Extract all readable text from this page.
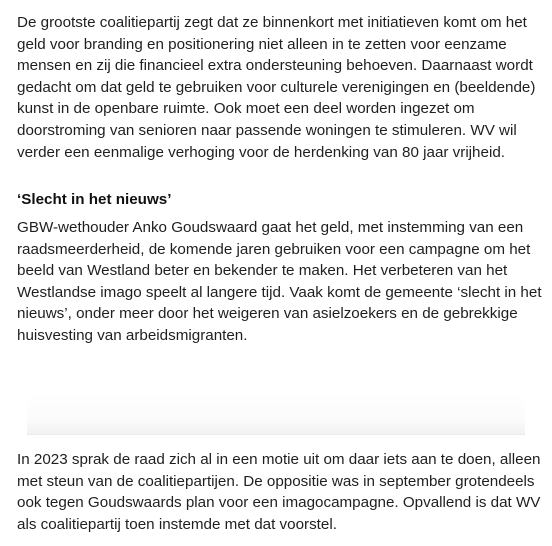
De grootste coalitiepartij zegt dat ze binnenkort met initiatieven komt om het geld voor branding en positionering niet alleen in te zetten voor eenzame mensen en zij die financieel extra ondersteuning behoeven. Daarnaast wordt gedacht om dat geld te gebruiken voor culturele verenigingen en (beeldende) kunst in de openbare ruimte. Ook moet een deel worden ingezet om doorstroming van senioren naar passende woningen te stimuleren. WV wil verder een eenmalige verhoging voor de herdenking van 80 jaar vrijheid.

‘Slecht in het nieuws’

GBW-wethouder Anko Goudswaard gaat het geld, met instemming van een raadsmeerderheid, de komende jaren gebruiken voor een campagne om het beeld van Westland beter en bekender te maken. Het verbeteren van het Westlandse imago speelt al langere tijd. Vaak komt de gemeente ‘slecht in het nieuws’, onder meer door het weigeren van asielzoekers en de gebrekkige huisvesting van arbeidsmigranten.

In 2023 sprak de raad zich al in een motie uit om daar iets aan te doen, alleen met steun van de coalitiepartijen. De oppositie was in september grotendeels ook tegen Goudswaards plan voor een imagocampagne. Opvallend is dat WV als coalitiepartij toen instemde met dat voorstel.
